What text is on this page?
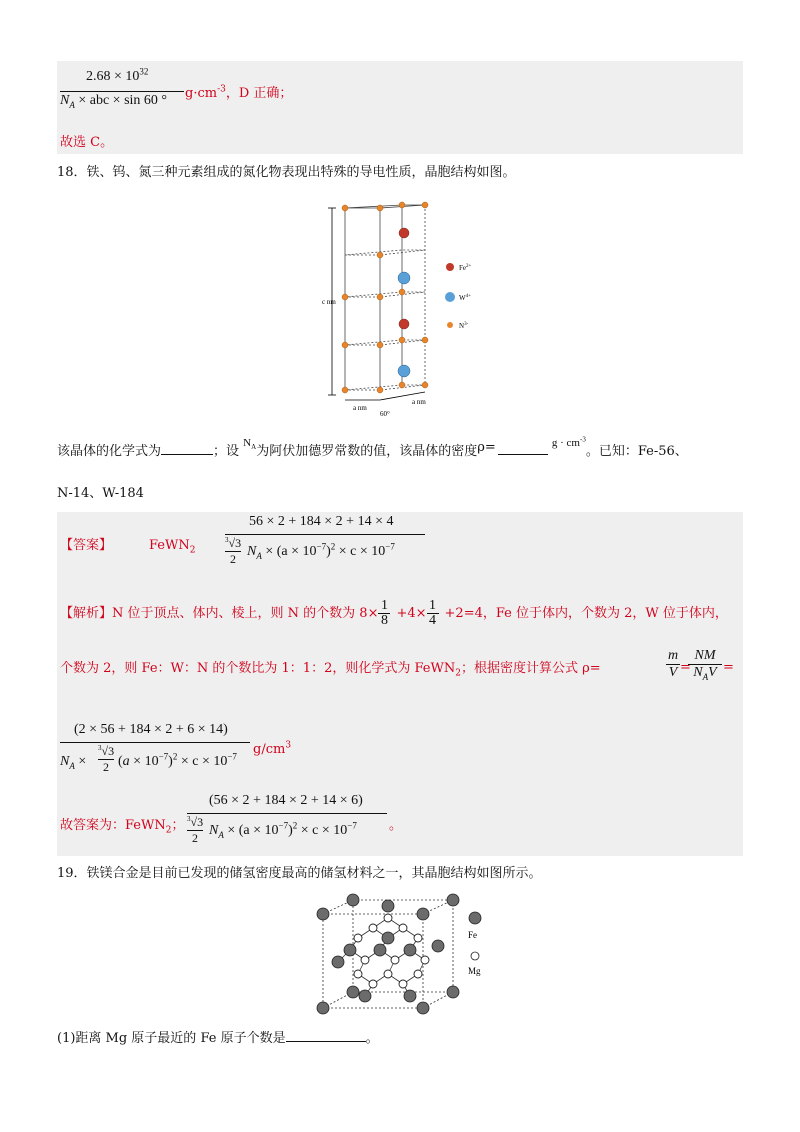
$2.68 \times 10^{32}$
$N_A$ × abc × sin 60 ° $g\cdot cm^{-3}$，D 正确；
故选 C。
18．铁、钨、氮三种元素组成的氮化物表现出特殊的导电性质，晶胞结构如图。
c nm
a nm
a nm
60°
$Fe^{2+}$
$W^{4+}$
$N^{3-}$
该晶体的化学式为	；设 $^{N_A}$为阿伏加德罗常数的值，该晶体的密度ρ=	$^{g \cdot cm^{-3}}$。已知：Fe-56、
N-14、W-184
【答案】	FeWN$_2$
56 × 2 + 184 × 2 + 14 × 4
$^3$√3
2 $N_A \times (a \times 10^{-7})^2 \times c \times 10^{-7}$
【解析】N 位于顶点、体内、棱上，则 N 的个数为 $8\times \frac{1}{8} +4\times \frac{1}{4} +2=4$，Fe 位于体内，个数为 2，W 位于体内，
个数为 2，则 Fe：W：N 的个数比为 1：1：2，则化学式为 FeWN$_2$；根据密度计算公式 ρ=
m
V =
NM
$N_AV$ =
(2 × 56 + 184 × 2 + 6 × 14)
$N_A$ ×
$^3$√3
2 $(a \times 10^{-7})^2 \times c \times 10^{-7}$ $g/cm^3$
故答案为：FeWN$_2$；
(56 × 2 + 184 × 2 + 14 × 6)
$^3$√3
2 $N_A \times (a \times 10^{-7})^2 \times c \times 10^{-7}$ 。
19．铁镁合金是目前已发现的储氢密度最高的储氢材料之一，其晶胞结构如图所示。
Fe
Mg
(1)距离 Mg 原子最近的 Fe 原子个数是	。
